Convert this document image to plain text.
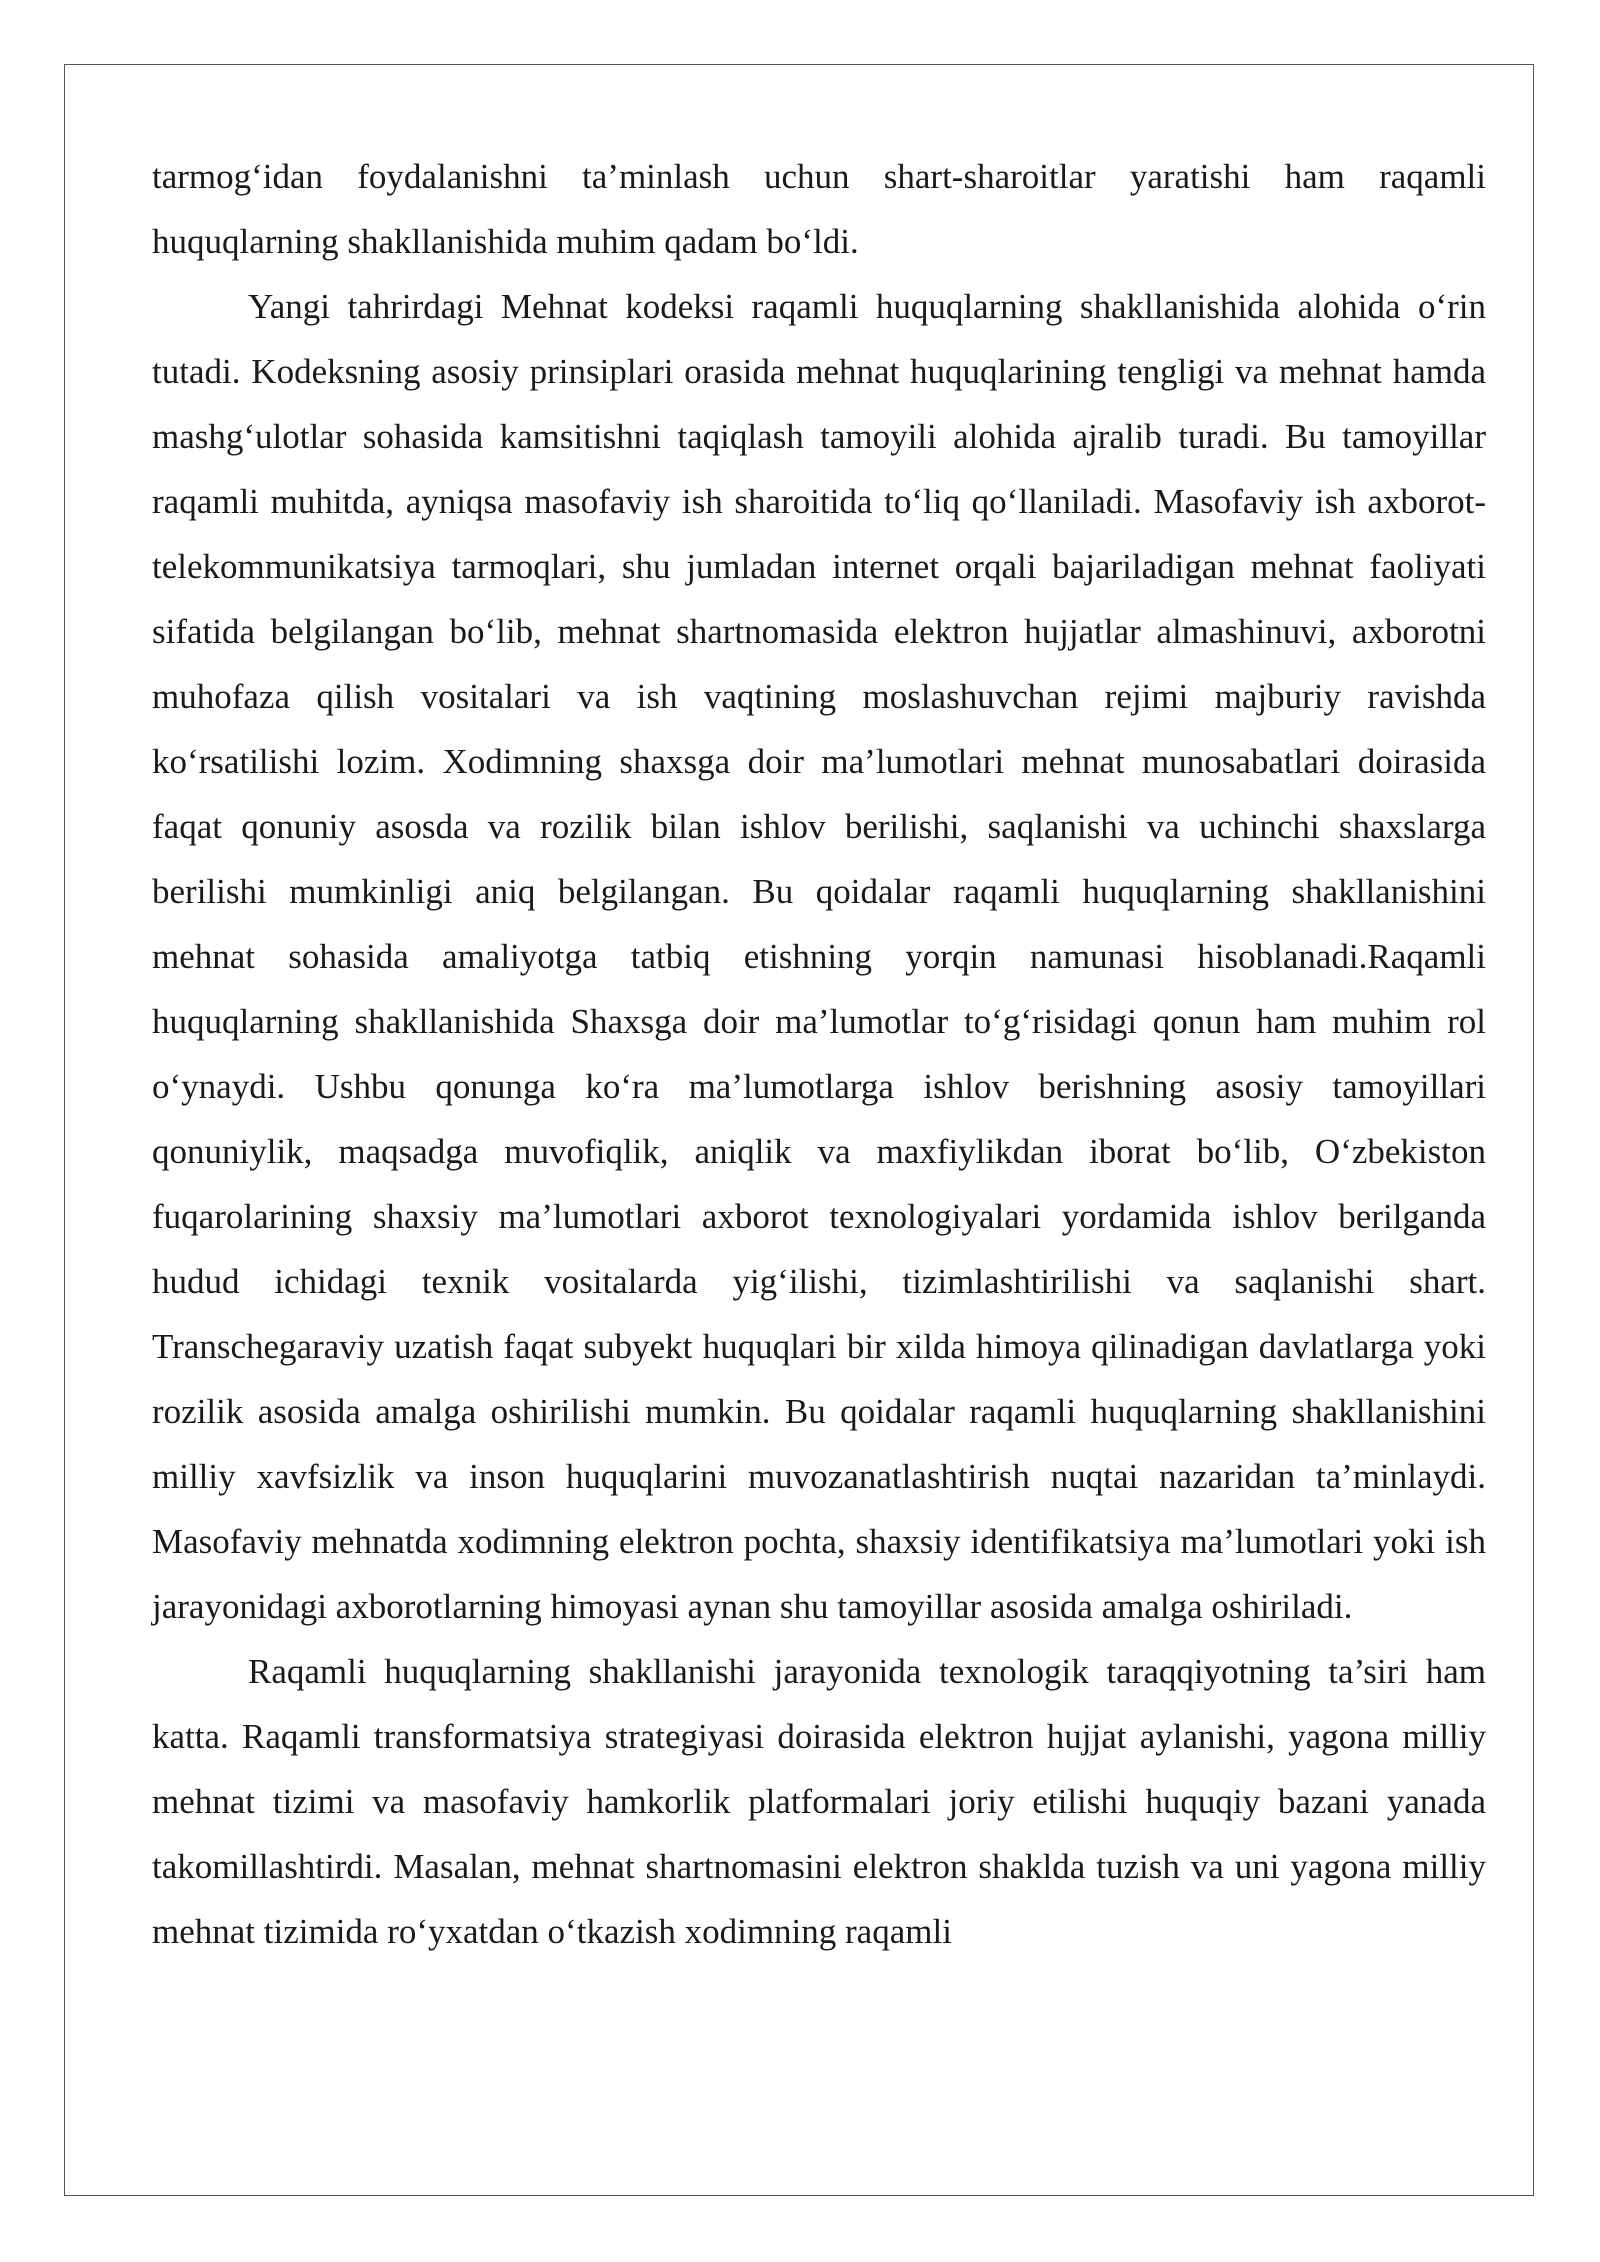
tarmog‘idan foydalanishni ta’minlash uchun shart-sharoitlar yaratishi ham raqamli huquqlarning shakllanishida muhim qadam bo‘ldi.

Yangi tahrirdagi Mehnat kodeksi raqamli huquqlarning shakllanishida alohida o‘rin tutadi. Kodeksning asosiy prinsiplari orasida mehnat huquqlarining tengligi va mehnat hamda mashg‘ulotlar sohasida kamsitishni taqiqlash tamoyili alohida ajralib turadi. Bu tamoyillar raqamli muhitda, ayniqsa masofaviy ish sharoitida to‘liq qo‘llaniladi. Masofaviy ish axborot-telekommunikatsiya tarmoqlari, shu jumladan internet orqali bajariladigan mehnat faoliyati sifatida belgilangan bo‘lib, mehnat shartnomasida elektron hujjatlar almashinuvi, axborotni muhofaza qilish vositalari va ish vaqtining moslashuvchan rejimi majburiy ravishda ko‘rsatilishi lozim. Xodimning shaxsga doir ma’lumotlari mehnat munosabatlari doirasida faqat qonuniy asosda va rozilik bilan ishlov berilishi, saqlanishi va uchinchi shaxslarga berilishi mumkinligi aniq belgilangan. Bu qoidalar raqamli huquqlarning shakllanishini mehnat sohasida amaliyotga tatbiq etishning yorqin namunasi hisoblanadi.Raqamli huquqlarning shakllanishida Shaxsga doir ma’lumotlar to‘g‘risidagi qonun ham muhim rol o‘ynaydi. Ushbu qonunga ko‘ra ma’lumotlarga ishlov berishning asosiy tamoyillari qonuniylik, maqsadga muvofiqlik, aniqlik va maxfiylikdan iborat bo‘lib, O‘zbekiston fuqarolarining shaxsiy ma’lumotlari axborot texnologiyalari yordamida ishlov berilganda hudud ichidagi texnik vositalarda yig‘ilishi, tizimlashtirilishi va saqlanishi shart. Transchegaraviy uzatish faqat subyekt huquqlari bir xilda himoya qilinadigan davlatlarga yoki rozilik asosida amalga oshirilishi mumkin. Bu qoidalar raqamli huquqlarning shakllanishini milliy xavfsizlik va inson huquqlarini muvozanatlashtirish nuqtai nazaridan ta’minlaydi. Masofaviy mehnatda xodimning elektron pochta, shaxsiy identifikatsiya ma’lumotlari yoki ish jarayonidagi axborotlarning himoyasi aynan shu tamoyillar asosida amalga oshiriladi.

Raqamli huquqlarning shakllanishi jarayonida texnologik taraqqiyotning ta’siri ham katta. Raqamli transformatsiya strategiyasi doirasida elektron hujjat aylanishi, yagona milliy mehnat tizimi va masofaviy hamkorlik platformalari joriy etilishi huquqiy bazani yanada takomillashtirdi. Masalan, mehnat shartnomasini elektron shaklda tuzish va uni yagona milliy mehnat tizimida ro‘yxatdan o‘tkazish xodimning raqamli
